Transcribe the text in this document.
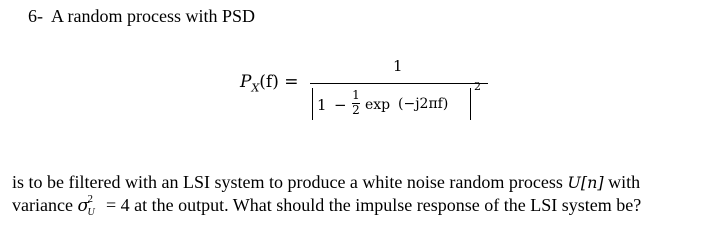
6- A random process with PSD
$P_X(f)$ =
1
1 −
1
2 exp (−j2πf)
2
is to be filtered with an LSI system to produce a white noise random process U[n] with
variance σ
2
U = 4 at the output. What should the impulse response of the LSI system be?
